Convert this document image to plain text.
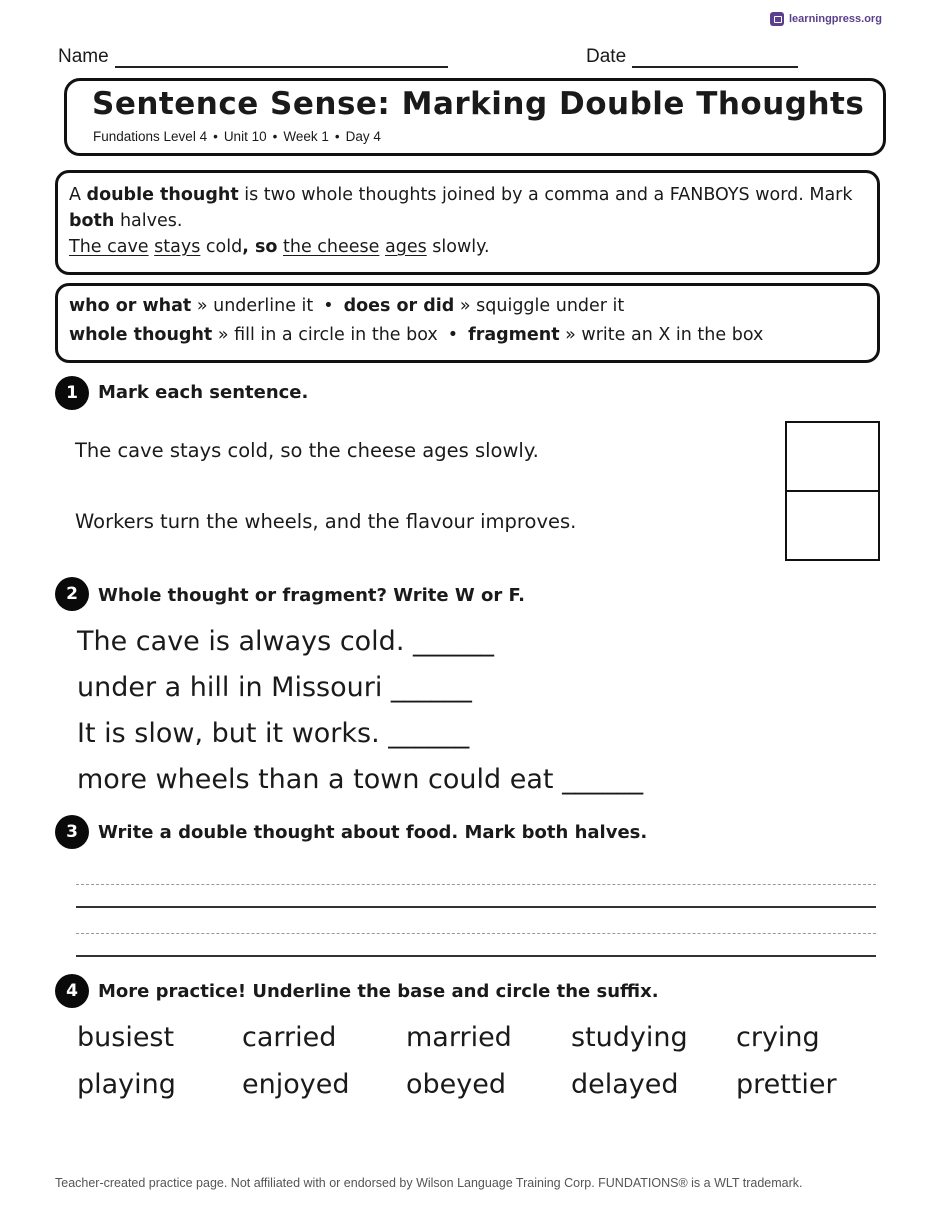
learningpress.org
Name	Date
Sentence Sense: Marking Double Thoughts
Fundations Level 4 • Unit 10 • Week 1 • Day 4
A double thought is two whole thoughts joined by a comma and a FANBOYS word. Mark both halves.
The cave stays cold, so the cheese ages slowly.
who or what » underline it • does or did » squiggle under it
whole thought » fill in a circle in the box • fragment » write an X in the box
1	Mark each sentence.
The cave stays cold, so the cheese ages slowly.
Workers turn the wheels, and the flavour improves.
2	Whole thought or fragment? Write W or F.
The cave is always cold. ______
under a hill in Missouri ______
It is slow, but it works. ______
more wheels than a town could eat ______
3	Write a double thought about food. Mark both halves.
4	More practice! Underline the base and circle the suffix.
busiest	carried	married studying crying
playing enjoyed obeyed delayed prettier
Teacher-created practice page. Not affiliated with or endorsed by Wilson Language Training Corp. FUNDATIONS® is a WLT trademark.
